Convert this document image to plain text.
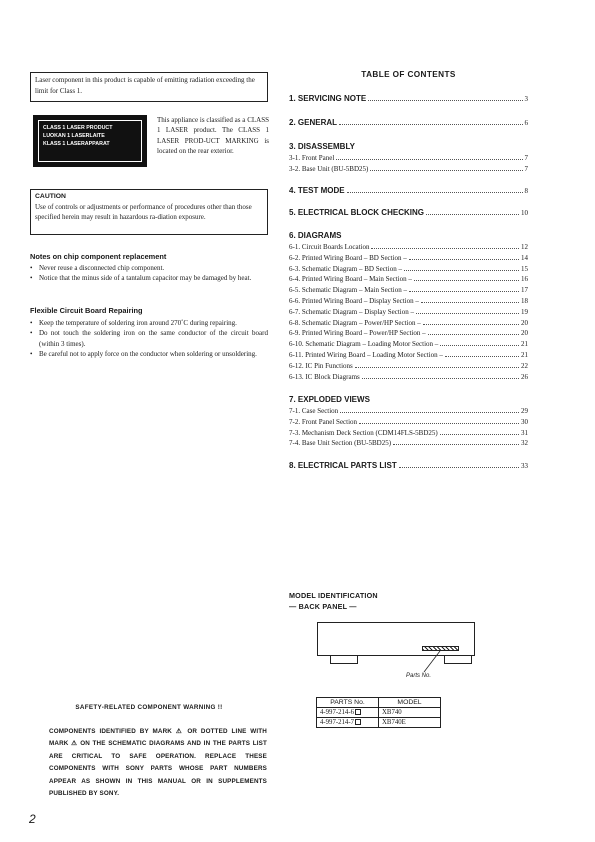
Laser component in this product is capable of emitting radiation exceeding the limit for Class 1.
CLASS 1 LASER PRODUCT
LUOKAN 1 LASERLAITE
KLASS 1 LASERAPPARAT
This appliance is classified as a CLASS 1 LASER product. The CLASS 1 LASER PROD-UCT MARKING is located on the rear exterior.
CAUTION
Use of controls or adjustments or performance of procedures other than those specified herein may result in hazardous ra-diation exposure.
Notes on chip component replacement
• Never reuse a disconnected chip component.
• Notice that the minus side of a tantalum capacitor may be damaged by heat.
Flexible Circuit Board Repairing
• Keep the temperature of soldering iron around 270˚C during repairing.
• Do not touch the soldering iron on the same conductor of the circuit board (within 3 times).
• Be careful not to apply force on the conductor when soldering or unsoldering.
TABLE OF CONTENTS
1. SERVICING NOTE	3
2. GENERAL	6
3. DISASSEMBLY
3-1. Front Panel	7
3-2. Base Unit (BU-5BD25)	7
4. TEST MODE	8
5. ELECTRICAL BLOCK CHECKING	10
6. DIAGRAMS
6-1. Circuit Boards Location	12
6-2. Printed Wiring Board – BD Section –	14
6-3. Schematic Diagram – BD Section –	15
6-4. Printed Wiring Board – Main Section –	16
6-5. Schematic Diagram – Main Section –	17
6-6. Printed Wiring Board – Display Section –	18
6-7. Schematic Diagram – Display Section –	19
6-8. Schematic Diagram – Power/HP Section –	20
6-9. Printed Wiring Board – Power/HP Section –	20
6-10. Schematic Diagram – Loading Motor Section –	21
6-11. Printed Wiring Board – Loading Motor Section –	21
6-12. IC Pin Functions	22
6-13. IC Block Diagrams	26
7. EXPLODED VIEWS
7-1. Case Section	29
7-2. Front Panel Section	30
7-3. Mechanism Deck Section (CDM14FLS-5BD25)	31
7-4. Base Unit Section (BU-5BD25)	32
8. ELECTRICAL PARTS LIST	33
MODEL IDENTIFICATION
— BACK PANEL —
Parts No.
PARTS No.	MODEL
4-997-214-6	XB740
4-997-214-7	XB740E
SAFETY-RELATED COMPONENT WARNING !!
COMPONENTS IDENTIFIED BY MARK ⚠ OR DOTTED LINE WITH MARK ⚠ ON THE SCHEMATIC DIAGRAMS AND IN THE PARTS LIST ARE CRITICAL TO SAFE OPERATION. REPLACE THESE COMPONENTS WITH SONY PARTS WHOSE PART NUMBERS APPEAR AS SHOWN IN THIS MANUAL OR IN SUPPLEMENTS PUBLISHED BY SONY.
2
